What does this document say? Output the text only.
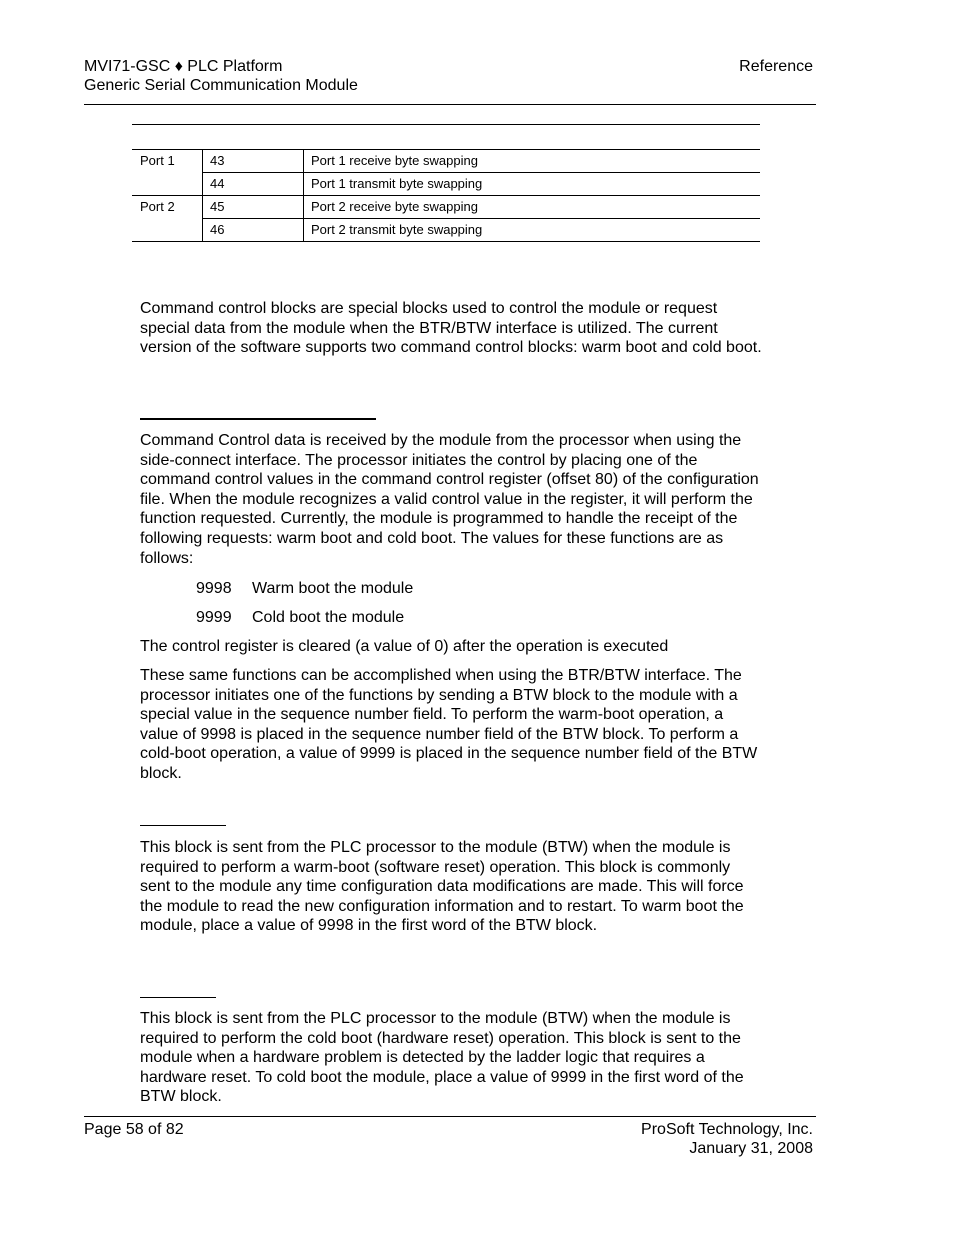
MVI71-GSC ♦ PLC Platform
Generic Serial Communication Module
Reference
Port 1	43	Port 1 receive byte swapping
44	Port 1 transmit byte swapping
Port 2	45	Port 2 receive byte swapping
46	Port 2 transmit byte swapping
Command control blocks are special blocks used to control the module or request special data from the module when the BTR/BTW interface is utilized. The current version of the software supports two command control blocks: warm boot and cold boot.
Command Control data is received by the module from the processor when using the side-connect interface. The processor initiates the control by placing one of the command control values in the command control register (offset 80) of the configuration file. When the module recognizes a valid control value in the register, it will perform the function requested. Currently, the module is programmed to handle the receipt of the following requests: warm boot and cold boot. The values for these functions are as follows:
9998 Warm boot the module
9999 Cold boot the module
The control register is cleared (a value of 0) after the operation is executed
These same functions can be accomplished when using the BTR/BTW interface. The processor initiates one of the functions by sending a BTW block to the module with a special value in the sequence number field. To perform the warm-boot operation, a value of 9998 is placed in the sequence number field of the BTW block. To perform a cold-boot operation, a value of 9999 is placed in the sequence number field of the BTW block.
This block is sent from the PLC processor to the module (BTW) when the module is required to perform a warm-boot (software reset) operation. This block is commonly sent to the module any time configuration data modifications are made. This will force the module to read the new configuration information and to restart. To warm boot the module, place a value of 9998 in the first word of the BTW block.
This block is sent from the PLC processor to the module (BTW) when the module is required to perform the cold boot (hardware reset) operation. This block is sent to the module when a hardware problem is detected by the ladder logic that requires a hardware reset. To cold boot the module, place a value of 9999 in the first word of the BTW block.
Page 58 of 82	ProSoft Technology, Inc.
January 31, 2008
